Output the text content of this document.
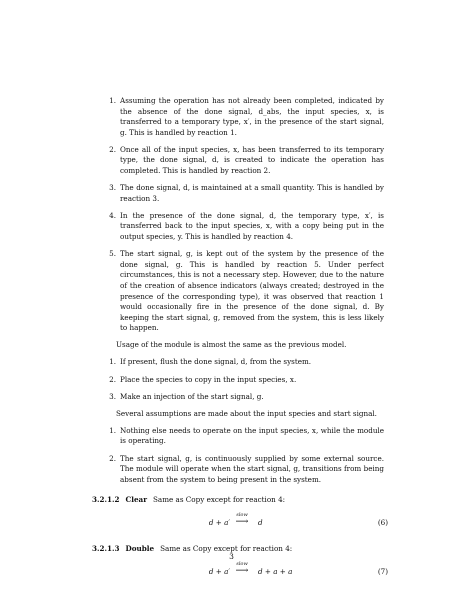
1. Assuming the operation has not already been completed, indicated by the absence of the done signal, d_abs, the input species, x, is transferred to a temporary type, x′, in the presence of the start signal, g. This is handled by reaction 1.
2. Once all of the input species, x, has been transferred to its temporary type, the done signal, d, is created to indicate the operation has completed. This is handled by reaction 2.
3. The done signal, d, is maintained at a small quantity. This is handled by reaction 3.
4. In the presence of the done signal, d, the temporary type, x′, is transferred back to the input species, x, with a copy being put in the output species, y. This is handled by reaction 4.
5. The start signal, g, is kept out of the system by the presence of the done signal, g. This is handled by reaction 5. Under perfect circumstances, this is not a necessary step. However, due to the nature of the creation of absence indicators (always created; destroyed in the presence of the corresponding type), it was observed that reaction 1 would occasionally fire in the presence of the done signal, d. By keeping the start signal, g, removed from the system, this is less likely to happen.

Usage of the module is almost the same as the previous model.

1. If present, flush the done signal, d, from the system.
2. Place the species to copy in the input species, x.
3. Make an injection of the start signal, g.

Several assumptions are made about the input species and start signal.

1. Nothing else needs to operate on the input species, x, while the module is operating.
2. The start signal, g, is continuously supplied by some external source. The module will operate when the start signal, g, transitions from being absent from the system to being present in the system.
3.2.1.2 Clear Same as Copy except for reaction 4:
d + a′
slow
⟶	d	(6)
3.2.1.3 Double Same as Copy except for reaction 4:
d + a′
slow
⟶	d + a + a	(7)
3
